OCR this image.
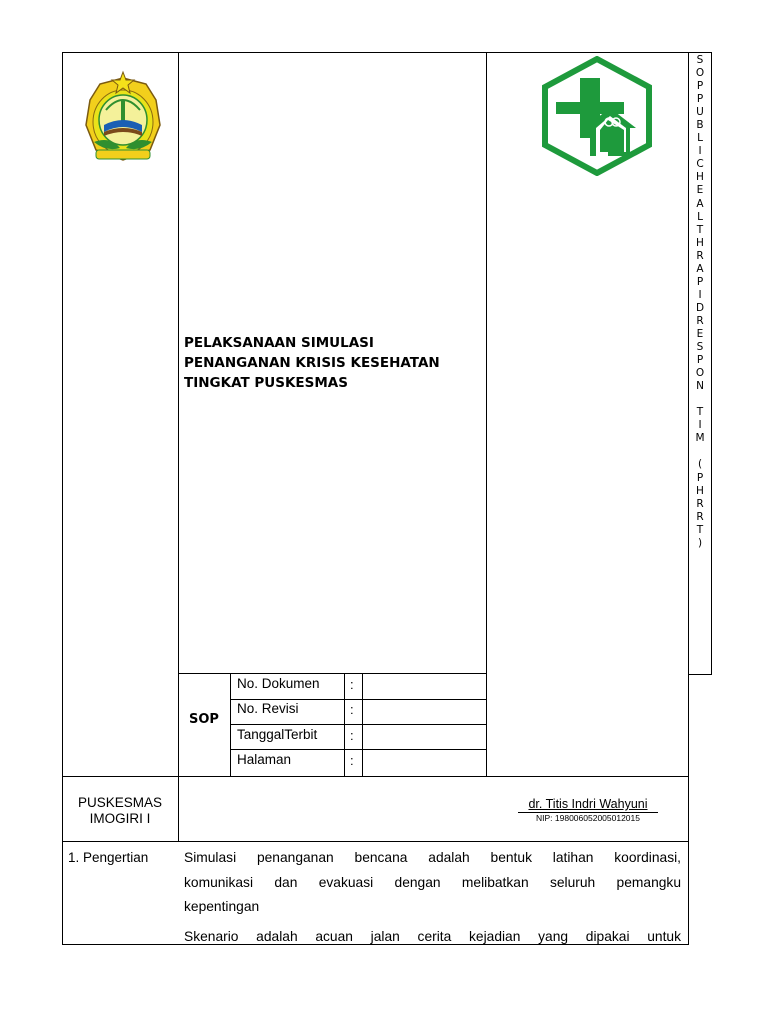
PELAKSANAAN SIMULASI
PENANGANAN KRISIS KESEHATAN
TINGKAT PUSKESMAS
S
O
P
P
U
B
L
I
C
H
E
A
L
T
H
R
A
P
I
D
R
E
S
P
O
N

T
I
M

(
P
H
R
R
T
)
SOP
No. Dokumen :
No. Revisi	:
TanggalTerbit	:
Halaman	:
PUSKESMAS
IMOGIRI I
dr. Titis Indri Wahyuni
NIP: 198006052005012015
1. Pengertian	Simulasi penanganan bencana adalah bentuk latihan koordinasi,
komunikasi dan evakuasi dengan melibatkan seluruh pemangku
kepentingan

Skenario adalah acuan jalan cerita kejadian yang dipakai untuk
